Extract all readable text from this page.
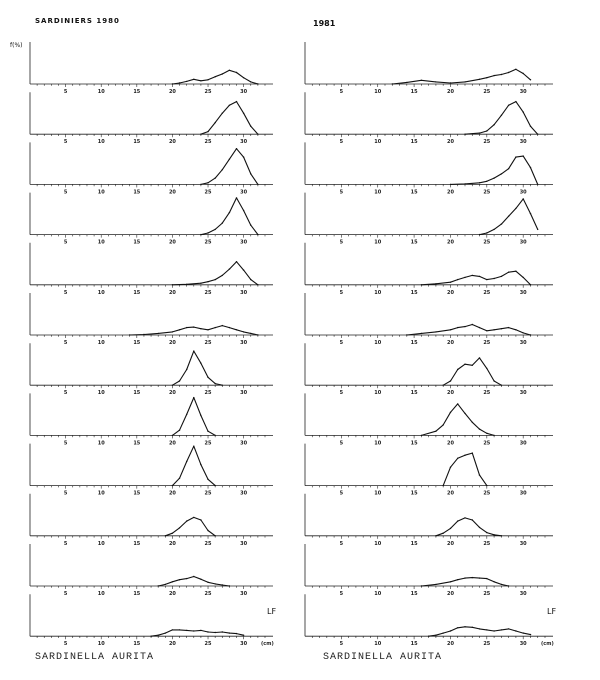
SARDINIERS 1980	1981
f(%)
5	10	15	20	25	30
5	10	15	20	25	30
5	10	15	20	25	30
5	10	15	20	25	30
5	10	15	20	25	30
5	10	15	20	25	30
5	10	15	20	25	30
5	10	15	20	25	30
5	10	15	20	25	30
5	10	15	20	25	30
5	10	15	20	25	30
5	10	15	20	25	30
LF
(cm)
5	10	15	20	25	30
5	10	15	20	25	30
5	10	15	20	25	30
5	10	15	20	25	30
5	10	15	20	25	30
5	10	15	20	25	30
5	10	15	20	25	30
5	10	15	20	25	30
5	10	15	20	25	30
5	10	15	20	25	30
5	10	15	20	25	30
5	10	15	20	25	30
LF
(cm)
SARDINELLA AURITA	SARDINELLA AURITA
